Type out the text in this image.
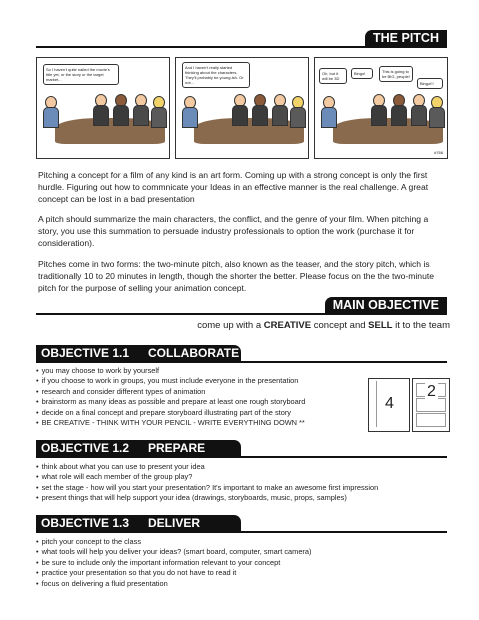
THE PITCH
So I haven't quite nailed the movie's title yet, or the story or the target market...
And I haven't really started thinking about the characters. They'll probably be young-ish. Or not...
Oh, but it will be 3D
Bingo!	This is going to be BIG, people!
Bingo!!!
#766

Pitching a concept for a film of any kind is an art form. Coming up with a strong concept is only the first hurdle. Figuring out how to commnicate your Ideas in an effective manner is the real challenge. A great concept can be lost in a bad presentation

A pitch should summarize the main characters, the conflict, and the genre of your film. When pitching a story, you use this summation to persuade industry professionals to option the work (purchase it for consideration).

Pitches come in two forms: the two-minute pitch, also known as the teaser, and the story pitch, which is traditionally 10 to 20 minutes in length, though the shorter the better. Please focus on the the two-minute pitch for the purpose of selling your animation concept.

MAIN OBJECTIVE
come up with a CREATIVE concept and SELL it to the team
OBJECTIVE 1.1 COLLABORATE
• you may choose to work by yourself
• if you choose to work in groups, you must include everyone in the presentation
• research and consider different types of animation
• brainstorm as many ideas as possible and prepare at least one rough storyboard
• decide on a final concept and prepare storyboard illustrating part of the story
• BE CREATIVE - THINK WITH YOUR PENCIL - WRITE EVERYTHING DOWN **
4
2
OBJECTIVE 1.2 PREPARE
• think about what you can use to present your idea
• what role will each member of the group play?
• set the stage - how will you start your presentation? It's important to make an awesome first impression
• present things that will help support your idea (drawings, storyboards, music, props, samples)
OBJECTIVE 1.3 DELIVER
• pitch your concept to the class
• what tools will help you deliver your ideas? (smart board, computer, smart camera)
• be sure to include only the important information relevant to your concept
• practice your presentation so that you do not have to read it
• focus on delivering a fluid presentation
